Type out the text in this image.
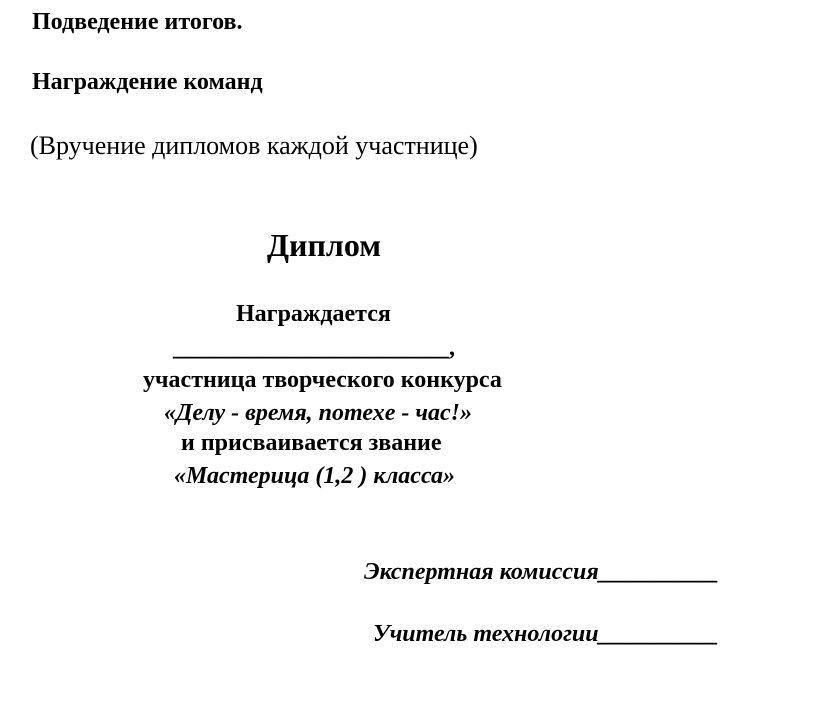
Подведение итогов.
Награждение команд
(Вручение дипломов каждой участнице)
Диплом
Награждается
_______________________,
участница творческого конкурса
«Делу - время, потехе - час!»
и присваивается звание
«Мастерица (1,2 ) класса»
Экспертная комиссия__________
Учитель технологии__________
